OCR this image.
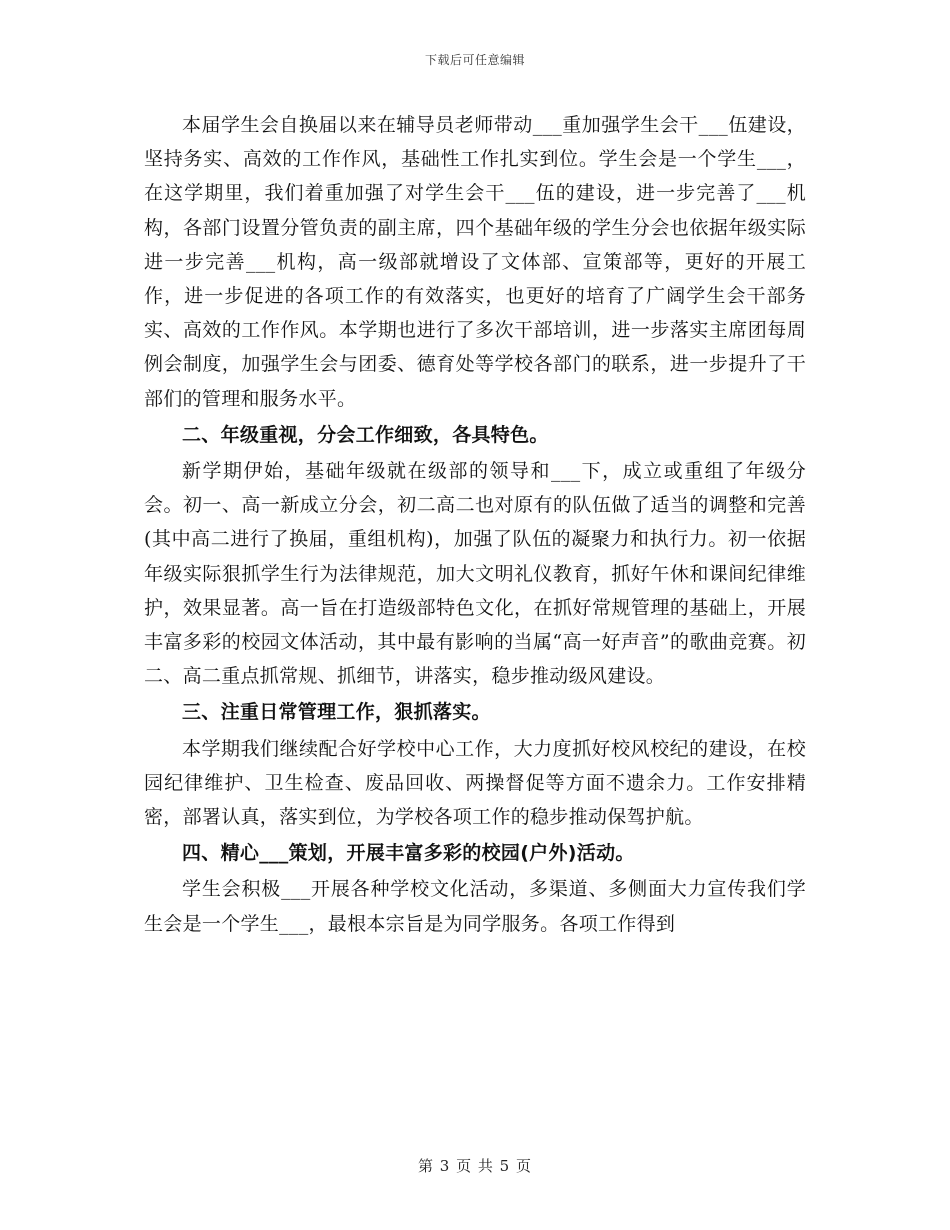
下载后可任意编辑

本届学生会自换届以来在辅导员老师带动___重加强学生会干___伍建设，坚持务实、高效的工作作风，基础性工作扎实到位。学生会是一个学生___，在这学期里，我们着重加强了对学生会干___伍的建设，进一步完善了___机构，各部门设置分管负责的副主席，四个基础年级的学生分会也依据年级实际进一步完善___机构，高一级部就增设了文体部、宣策部等，更好的开展工作，进一步促进的各项工作的有效落实，也更好的培育了广阔学生会干部务实、高效的工作作风。本学期也进行了多次干部培训，进一步落实主席团每周例会制度，加强学生会与团委、德育处等学校各部门的联系，进一步提升了干部们的管理和服务水平。

二、年级重视，分会工作细致，各具特色。

新学期伊始，基础年级就在级部的领导和___下，成立或重组了年级分会。初一、高一新成立分会，初二高二也对原有的队伍做了适当的调整和完善(其中高二进行了换届，重组机构)，加强了队伍的凝聚力和执行力。初一依据年级实际狠抓学生行为法律规范，加大文明礼仪教育，抓好午休和课间纪律维护，效果显著。高一旨在打造级部特色文化，在抓好常规管理的基础上，开展丰富多彩的校园文体活动，其中最有影响的当属“高一好声音”的歌曲竞赛。初二、高二重点抓常规、抓细节，讲落实，稳步推动级风建设。

三、注重日常管理工作，狠抓落实。

本学期我们继续配合好学校中心工作，大力度抓好校风校纪的建设，在校园纪律维护、卫生检查、废品回收、两操督促等方面不遗余力。工作安排精密，部署认真，落实到位，为学校各项工作的稳步推动保驾护航。

四、精心___策划，开展丰富多彩的校园(户外)活动。

学生会积极___开展各种学校文化活动，多渠道、多侧面大力宣传我们学生会是一个学生___，最根本宗旨是为同学服务。各项工作得到

第 3 页 共 5 页
